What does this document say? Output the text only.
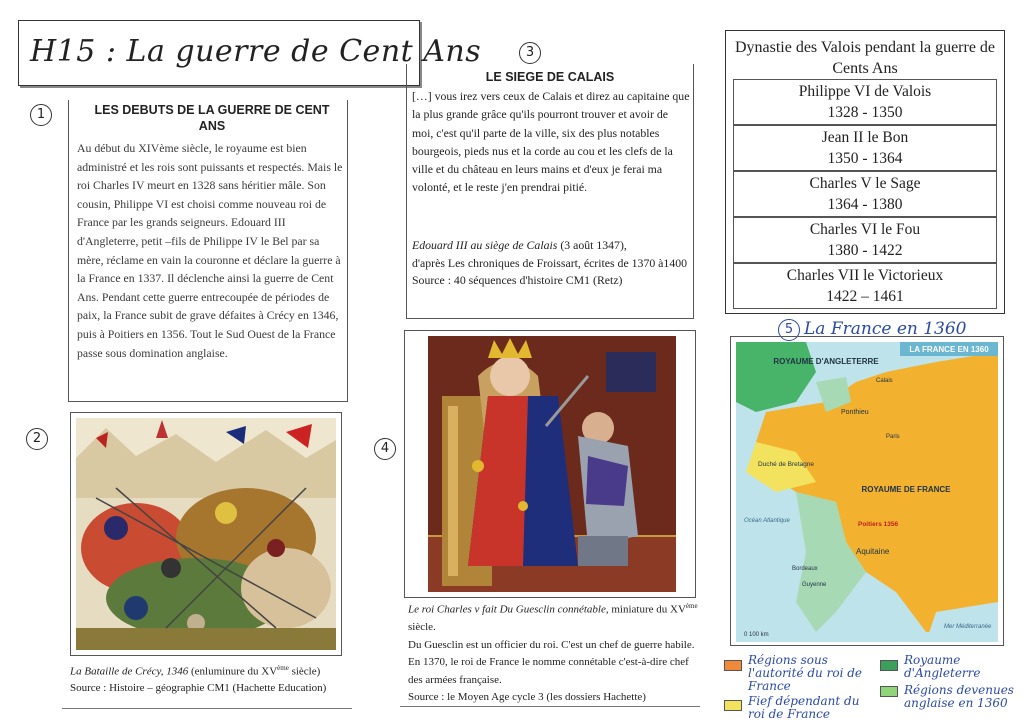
H15 : La guerre de Cent Ans
1	LES DEBUTS DE LA GUERRE DE CENT ANS
Au début du XIVème siècle, le royaume est bien administré et les rois sont puissants et respectés. Mais le roi Charles IV meurt en 1328 sans héritier mâle. Son cousin, Philippe VI est choisi comme nouveau roi de France par les grands seigneurs. Edouard III d'Angleterre, petit –fils de Philippe IV le Bel par sa mère, réclame en vain la couronne et déclare la guerre à la France en 1337. Il déclenche ainsi la guerre de Cent Ans. Pendant cette guerre entrecoupée de périodes de paix, la France subit de grave défaites à Crécy en 1346, puis à Poitiers en 1356. Tout le Sud Ouest de la France passe sous domination anglaise.
2
La Bataille de Crécy, 1346 (enluminure du XVème siècle)
Source : Histoire – géographie CM1 (Hachette Education)
3
LE SIEGE DE CALAIS
[…] vous irez vers ceux de Calais et direz au capitaine que la plus grande grâce qu'ils pourront trouver et avoir de moi, c'est qu'il parte de la ville, six des plus notables bourgeois, pieds nus et la corde au cou et les clefs de la ville et du château en leurs mains et d'eux je ferai ma volonté, et le reste j'en prendrai pitié.
Edouard III au siège de Calais (3 août 1347),
d'après Les chroniques de Froissart, écrites de 1370 à1400
Source : 40 séquences d'histoire CM1 (Retz)
4
Le roi Charles v fait Du Guesclin connétable, miniature du XVème siècle.
Du Guesclin est un officier du roi. C'est un chef de guerre habile. En 1370, le roi de France le nomme connétable c'est-à-dire chef des armées française.
Source : le Moyen Age cycle 3 (les dossiers Hachette)
Dynastie des Valois pendant la guerre de Cents Ans
Philippe VI de Valois
1328 - 1350
Jean II le Bon
1350 - 1364
Charles V le Sage
1364 - 1380
Charles VI le Fou
1380 - 1422
Charles VII le Victorieux
1422 – 1461
5 La France en 1360
LA FRANCE EN 1360
ROYAUME D'ANGLETERRE
Calais
Ponthieu
Paris
Duché de Bretagne
ROYAUME DE FRANCE
Océan Atlantique	Poitiers 1356
Aquitaine
Bordeaux
Guyenne
Mer Méditerranée
0 100 km
Régions sous l'autorité du roi de France
Royaume d'Angleterre
Fief dépendant du roi de France
Régions devenues anglaise en 1360
